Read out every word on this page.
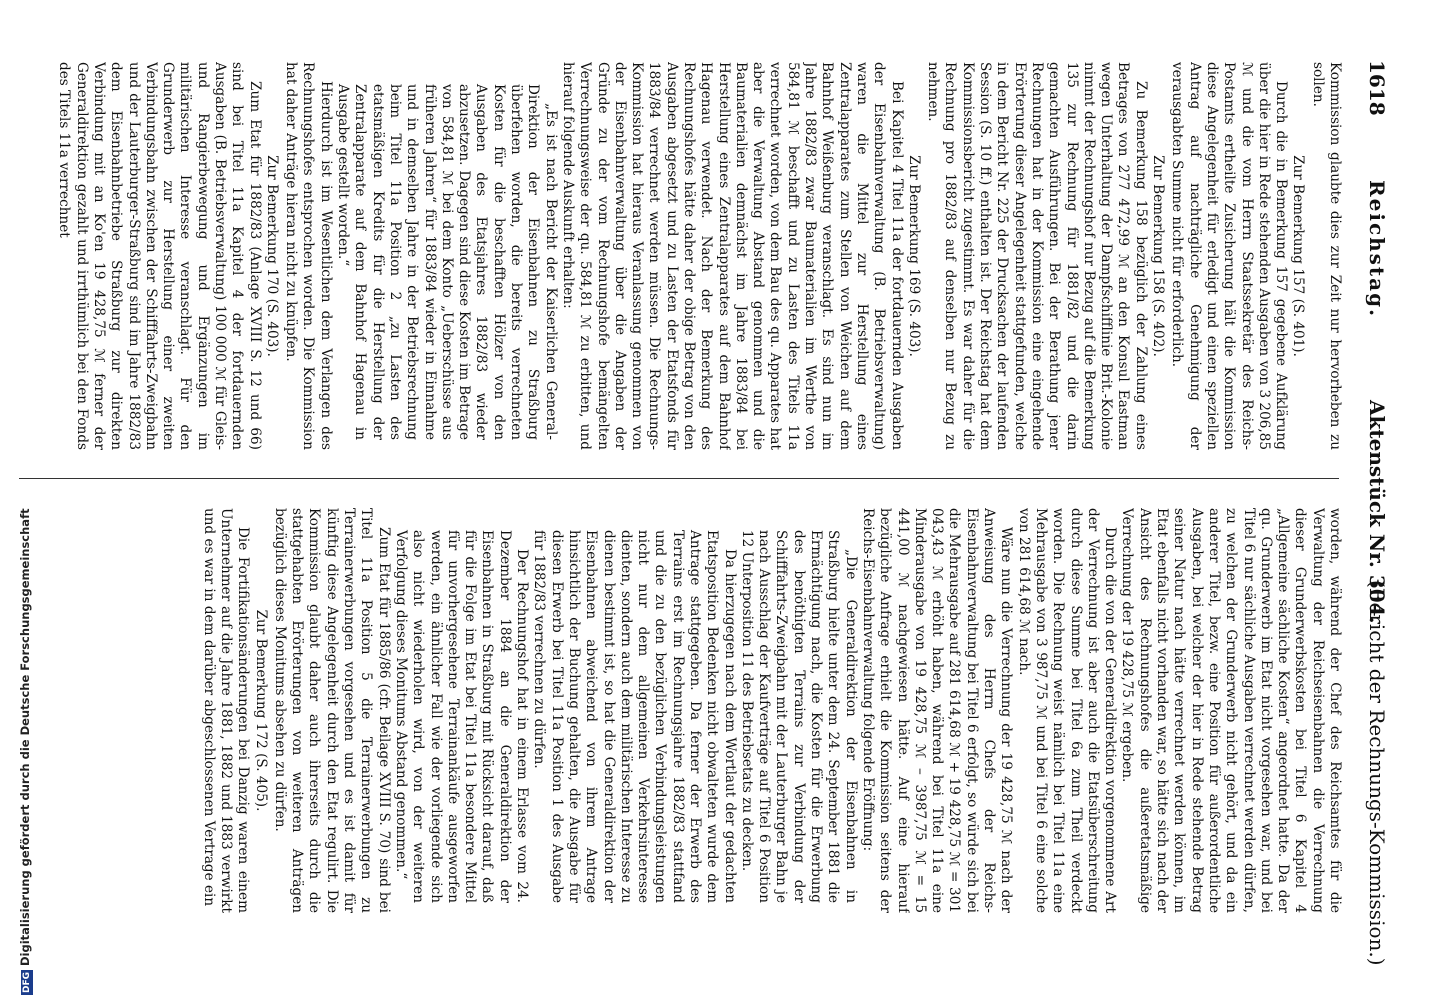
DFGDigitalisierung gefördert durch die Deutsche Forschungsgemeinschaft
1618
Reichstag.
Aktenstück Nr. 304.
(Bericht der Rechnungs-Kommission.)

Kommission glaubte dies zur Zeit nur hervorheben zu sollen.

Zur Bemerkung 157 (S. 401).

Durch die in Bemerkung 157 gegebene Aufklärung über die hier in Rede stehenden Ausgaben von 3 206,85 ℳ und die vom Herrn Staatssekretär des Reichs-Postamts ertheilte Zusicherung hält die Kommission diese Angelegenheit für erledigt und einen speziellen Antrag auf nachträgliche Genehmigung der verausgabten Summe nicht für erforderlich.

Zur Bemerkung 158 (S. 402).

Zu Bemerkung 158 bezüglich der Zahlung eines Betrages von 277 472,99 ℳ an den Konsul Eastman wegen Unterhaltung der Dampfschifflinie Brit.-Kolonie nimmt der Rechnungshof nur Bezug auf die Bemerkung 135 zur Rechnung für 1881/82 und die darin gemachten Ausführungen. Bei der Berathung jener Rechnungen hat in der Kommission eine eingehende Erörterung dieser Angelegenheit stattgefunden, welche in dem Bericht Nr. 225 der Drucksachen der laufenden Session (S. 10 ff.) enthalten ist. Der Reichstag hat dem Kommissionsbericht zugestimmt. Es war daher für die Rechnung pro 1882/83 auf denselben nur Bezug zu nehmen.

Zur Bemerkung 169 (S. 403).

Bei Kapitel 4 Titel 11a der fortdauernden Ausgaben der Eisenbahnverwaltung (B. Betriebsverwaltung) waren die Mittel zur Herstellung eines Zentralapparates zum Stellen von Weichen auf dem Bahnhof Weißenburg veranschlagt. Es sind nun im Jahre 1882/83 zwar Baumaterialien im Werthe von 584,81 ℳ beschafft und zu Lasten des Titels 11a verrechnet worden, von dem Bau des qu. Apparates hat aber die Verwaltung Abstand genommen und die Baumaterialien demnächst im Jahre 1883/84 bei Herstellung eines Zentralapparates auf dem Bahnhof Hagenau verwendet. Nach der Bemerkung des Rechnungshofes hätte daher der obige Betrag von den Ausgaben abgesetzt und zu Lasten der Etatsfonds für 1883/84 verrechnet werden müssen. Die Rechnungs-Kommission hat hieraus Veranlassung genommen von der Eisenbahnverwaltung über die Angaben der Gründe zu der vom Rechnungshofe bemängelten Verrechnungsweise der qu. 584,81 ℳ zu erbitten, und hierauf folgende Auskunft erhalten:

„Es ist nach Bericht der Kaiserlichen General-Direktion der Eisenbahnen zu Straßburg überfehen worden, die bereits verrechneten Kosten für die beschafften Hölzer von den Ausgaben des Etatsjahres 1882/83 wieder abzusetzen. Dagegen sind diese Kosten im Betrage von 584,81 ℳ bei dem Konto „Ueberschüsse aus früheren Jahren“ für 1883/84 wieder in Einnahme und in demselben Jahre in der Betriebsrechnung beim Titel 11a Position 2 „zu Lasten des etatsmäßigen Kredits für die Herstellung der Zentralapparate auf dem Bahnhof Hagenau in Ausgabe gestellt worden.“

Hierdurch ist im Wesentlichen dem Verlangen des Rechnungshofes entsprochen worden. Die Kommission hat daher Anträge hieran nicht zu knüpfen.

Zur Bemerkung 170 (S. 403).

Zum Etat für 1882/83 (Anlage XVIII S. 12 und 66) sind bei Titel 11a Kapitel 4 der fortdauernden Ausgaben (B. Betriebsverwaltung) 100 000 ℳ für Gleis- und Rangierbewegung und Ergänzungen im militärischen Interesse veranschlagt. Für den Grunderwerb zur Herstellung einer zweiten Verbindungsbahn zwischen der Schifffahrts-Zweigbahn und der Lauterburger-Straßburg sind im Jahre 1882/83 dem Eisenbahnbetriebe Straßburg zur direkten Verbindung mit an Ko'en 19 428,75 ℳ ferner der Generaldirektion gezahlt und irrthümlich bei den Fonds des Titels 11a verrechnet

worden, während der Chef des Reichsamtes für die Verwaltung der Reichseisenbahnen die Verrechnung dieser Grunderwerbskosten bei Titel 6 Kapitel 4 „Allgemeine sächliche Kosten“ angeordnet hatte. Da der qu. Grunderwerb im Etat nicht vorgesehen war, und bei Titel 6 nur sächliche Ausgaben verrechnet werden dürfen, zu welchen der Grunderwerb nicht gehört, und da ein anderer Titel, bezw. eine Position für außerordentliche Ausgaben, bei welcher der hier in Rede stehende Betrag seiner Natur nach hätte verrechnet werden können, im Etat ebenfalls nicht vorhanden war, so hätte sich nach der Ansicht des Rechnungshofes die außeretatsmäßige Verrechnung der 19 428,75 ℳ ergeben.

Durch die von der Generaldirektion vorgenommene Art der Verrechnung ist aber auch die Etatsüberschreitung durch diese Summe bei Titel 6a zum Theil verdeckt worden. Die Rechnung weist nämlich bei Titel 11a eine Mehrausgabe von 3 987,75 ℳ und bei Titel 6 eine solche von 281 614,68 ℳ nach.

Wäre nun die Verrechnung der 19 428,75 ℳ nach der Anweisung des Herrn Chefs der Reichs-Eisenbahnverwaltung bei Titel 6 erfolgt, so würde sich bei die Mehrausgabe auf 281 614,68 ℳ + 19 428,75 ℳ = 301 043,43 ℳ erhöht haben, während bei Titel 11a eine Minderausgabe von 19 428,75 ℳ – 3987,75 ℳ = 15 441,00 ℳ nachgewiesen hätte. Auf eine hierauf bezügliche Anfrage erhielt die Kommission seitens der Reichs-Eisenbahnverwaltung folgende Eröffnung:

„Die Generaldirektion der Eisenbahnen in Straßburg hielte unter dem 24. September 1881 die Ermächtigung nach, die Kosten für die Erwerbung des benöthigten Terrains zur Verbindung der Schifffahrts-Zweigbahn mit der Lauterburger Bahn je nach Ausschlag der Kaufverträge auf Titel 6 Position 12 Unterposition 11 des Betriebsetats zu decken.

Da hierzugegen nach dem Wortlaut der gedachten Etatsposition Bedenken nicht obwalteten wurde dem Antrage stattgegeben. Da ferner der Erwerb des Terrains erst im Rechnungsjahre 1882/83 stattfand und die zu den bezüglichen Verbindungsleistungen nicht nur dem allgemeinen Verkehrsinteresse dienten, sondern auch dem militärischen Interesse zu dienen bestimmt ist, so hat die Generaldirektion der Eisenbahnen abweichend von ihrem Antrage hinsichtlich der Buchung gehalten, die Ausgabe für diesen Erwerb bei Titel 11a Position 1 des Ausgabe für 1882/83 verrechnen zu dürfen.

Der Rechnungshof hat in einem Erlasse vom 24. Dezember 1884 an die Generaldirektion der Eisenbahnen in Straßburg mit Rücksicht darauf, daß für die Folge im Etat bei Titel 11a besondere Mittel für unvorhergesehene Terrainankäufe ausgeworfen werden, ein ähnlicher Fall wie der vorliegende sich also nicht wiederholen wird, von der weiteren Verfolgung dieses Monitums Abstand genommen.“

Zum Etat für 1885/86 (cfr. Beilage XVIII S. 70) sind bei Titel 11a Position 5 die Terrainerwerbungen zu Terrainerwerbungen vorgesehen und es ist damit für künftig diese Angelegenheit durch den Etat regulirt. Die Kommission glaubt daher auch ihrerseits durch die stattgehabten Erörterungen von weiteren Anträgen bezüglich dieses Monitums absehen zu dürfen.

Zur Bemerkung 172 (S. 405).

Die Fortifikationsänderungen bei Danzig waren einem Unternehmer auf die Jahre 1881, 1882 und 1883 verwirkt und es war in dem darüber abgeschlossenen Vertrage ein
